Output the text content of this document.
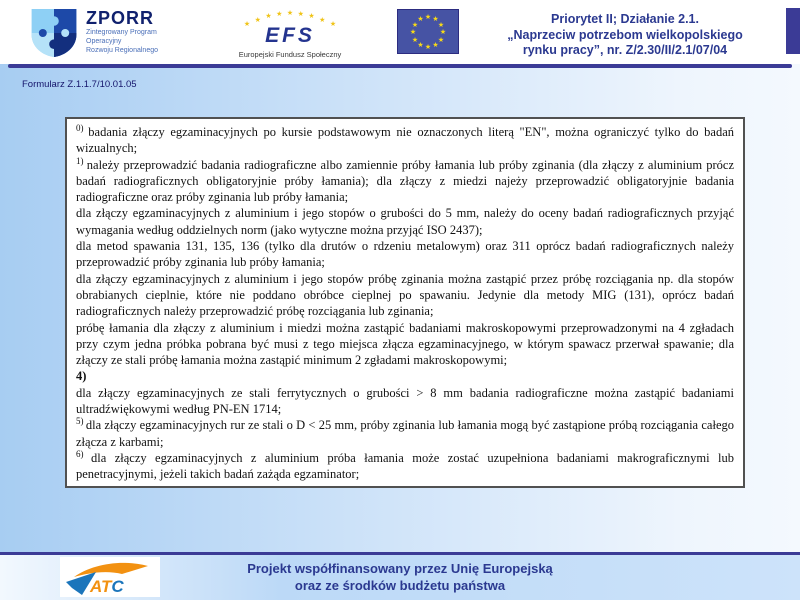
ZPORR
Zintegrowany Program
Operacyjny
Rozwoju Regionalnego
★
★
★ ★ ★ ★ ★
★
★
EFS
Europejski Fundusz Społeczny
★ ★
★
★
★
★
★
★
★
★
★
★	Priorytet II; Działanie 2.1.
„Naprzeciw potrzebom wielkopolskiego
rynku pracy”, nr. Z/2.30/II/2.1/07/04
Formularz Z.1.1.7/10.01.05

$^{0)}$ badania złączy egzaminacyjnych po kursie podstawowym nie oznaczonych literą "EN", można ograniczyć tylko do badań wizualnych;

$^{1)}$ należy przeprowadzić badania radiograficzne albo zamiennie próby łamania lub próby zginania (dla złączy z aluminium prócz badań radiograficznych obligatoryjnie próby łamania); dla złączy z miedzi najeży przeprowadzić obligatoryjnie badania radiograficzne oraz próby zginania lub próby łamania;

dla złączy egzaminacyjnych z aluminium i jego stopów o grubości do 5 mm, należy do oceny badań radiograficznych przyjąć wymagania według oddzielnych norm (jako wytyczne można przyjąć ISO 2437);

dla metod spawania 131, 135, 136 (tylko dla drutów o rdzeniu metalowym) oraz 311 oprócz badań radiograficznych należy przeprowadzić próby zginania lub próby łamania;

dla złączy egzaminacyjnych z aluminium i jego stopów próbę zginania można zastąpić przez próbę rozciągania np. dla stopów obrabianych cieplnie, które nie poddano obróbce cieplnej po spawaniu. Jedynie dla metody MIG (131), oprócz badań radiograficznych należy przeprowadzić próbę rozciągania lub zginania;

próbę łamania dla złączy z aluminium i miedzi można zastąpić badaniami makroskopowymi przeprowadzonymi na 4 zgładach przy czym jedna próbka pobrana być musi z tego miejsca złącza egzaminacyjnego, w którym spawacz przerwał spawanie; dla złączy ze stali próbę łamania można zastąpić minimum 2 zgładami makroskopowymi;

4)

dla złączy egzaminacyjnych ze stali ferrytycznych o grubości > 8 mm badania radiograficzne można zastąpić badaniami ultradźwiękowymi według PN-EN 1714;

$^{5)}$ dla złączy egzaminacyjnych rur ze stali o D < 25 mm, próby zginania lub łamania mogą być zastąpione próbą rozciągania całego złącza z karbami;

$^{6)}$ dla złączy egzaminacyjnych z aluminium próba łamania może zostać uzupełniona badaniami makrograficznymi lub penetracyjnymi, jeżeli takich badań zażąda egzaminator;

ATC
Projekt współfinansowany przez Unię Europejską
oraz ze środków budżetu państwa
